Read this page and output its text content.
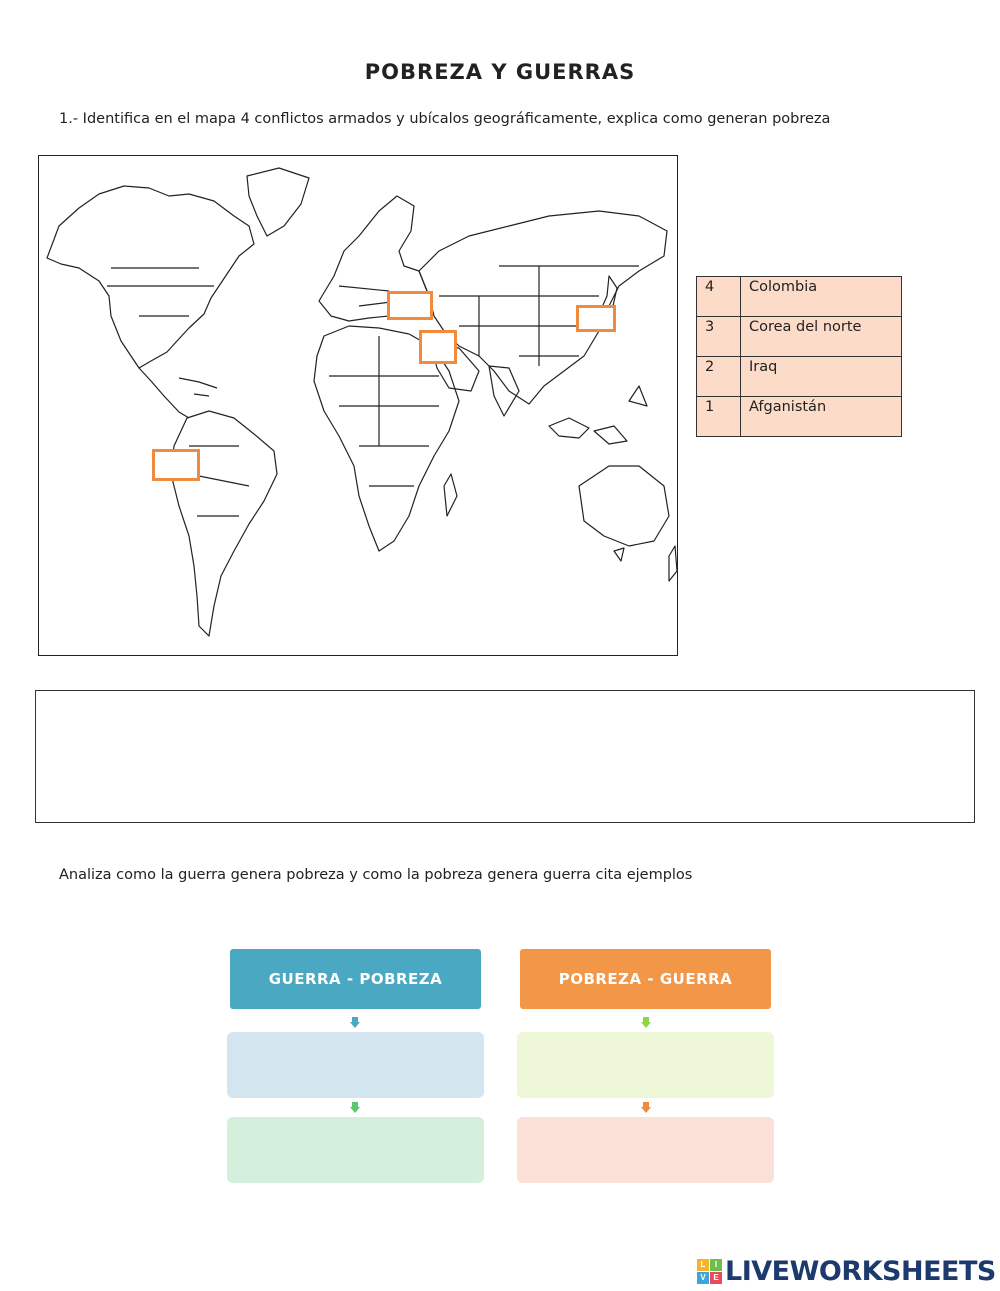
POBREZA Y GUERRAS
1.- Identifica en el mapa 4 conflictos armados y ubícalos geográficamente, explica como generan pobreza
4	Colombia
3	Corea del norte
2	Iraq
1	Afganistán
Analiza como la guerra genera pobreza y como la pobreza genera guerra cita ejemplos
GUERRA - POBREZA	POBREZA - GUERRA
L	I
V E LIVEWORKSHEETS
